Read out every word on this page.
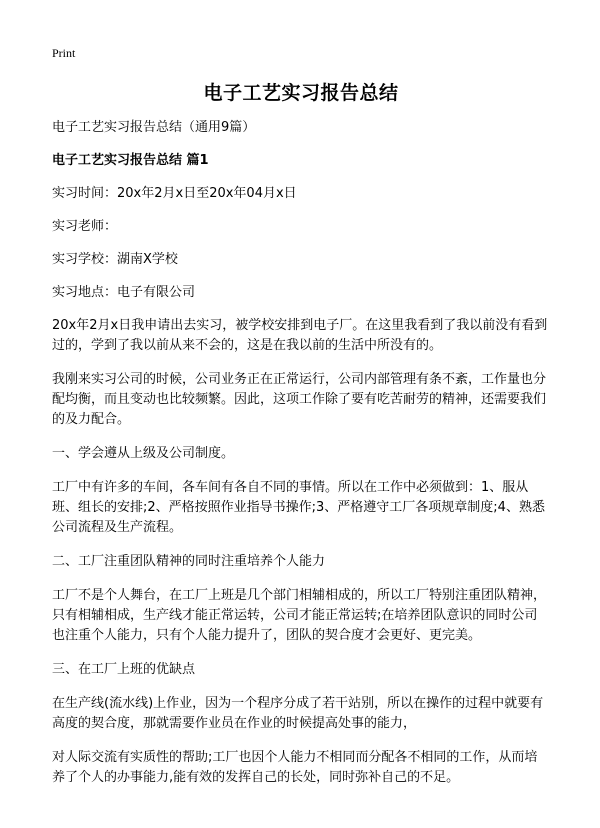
Print
电子工艺实习报告总结

电子工艺实习报告总结（通用9篇）

电子工艺实习报告总结 篇1

实习时间：20x年2月x日至20x年04月x日

实习老师：

实习学校：湖南X学校

实习地点：电子有限公司

20x年2月x日我申请出去实习，被学校安排到电子厂。在这里我看到了我以前没有看到过的，学到了我以前从来不会的，这是在我以前的生活中所没有的。

我刚来实习公司的时候，公司业务正在正常运行，公司内部管理有条不紊，工作量也分配均衡，而且变动也比较频繁。因此，这项工作除了要有吃苦耐劳的精神，还需要我们的及力配合。

一、学会遵从上级及公司制度。

工厂中有许多的车间，各车间有各自不同的事情。所以在工作中必须做到：1、服从班、组长的安排;2、严格按照作业指导书操作;3、严格遵守工厂各项规章制度;4、熟悉公司流程及生产流程。

二、工厂注重团队精神的同时注重培养个人能力

工厂不是个人舞台，在工厂上班是几个部门相辅相成的，所以工厂特别注重团队精神，只有相辅相成，生产线才能正常运转，公司才能正常运转;在培养团队意识的同时公司也注重个人能力，只有个人能力提升了，团队的契合度才会更好、更完美。

三、在工厂上班的优缺点

在生产线(流水线)上作业，因为一个程序分成了若干站别，所以在操作的过程中就要有高度的契合度，那就需要作业员在作业的时候提高处事的能力，

对人际交流有实质性的帮助;工厂也因个人能力不相同而分配各不相同的工作，从而培养了个人的办事能力,能有效的发挥自己的长处，同时弥补自己的不足。
